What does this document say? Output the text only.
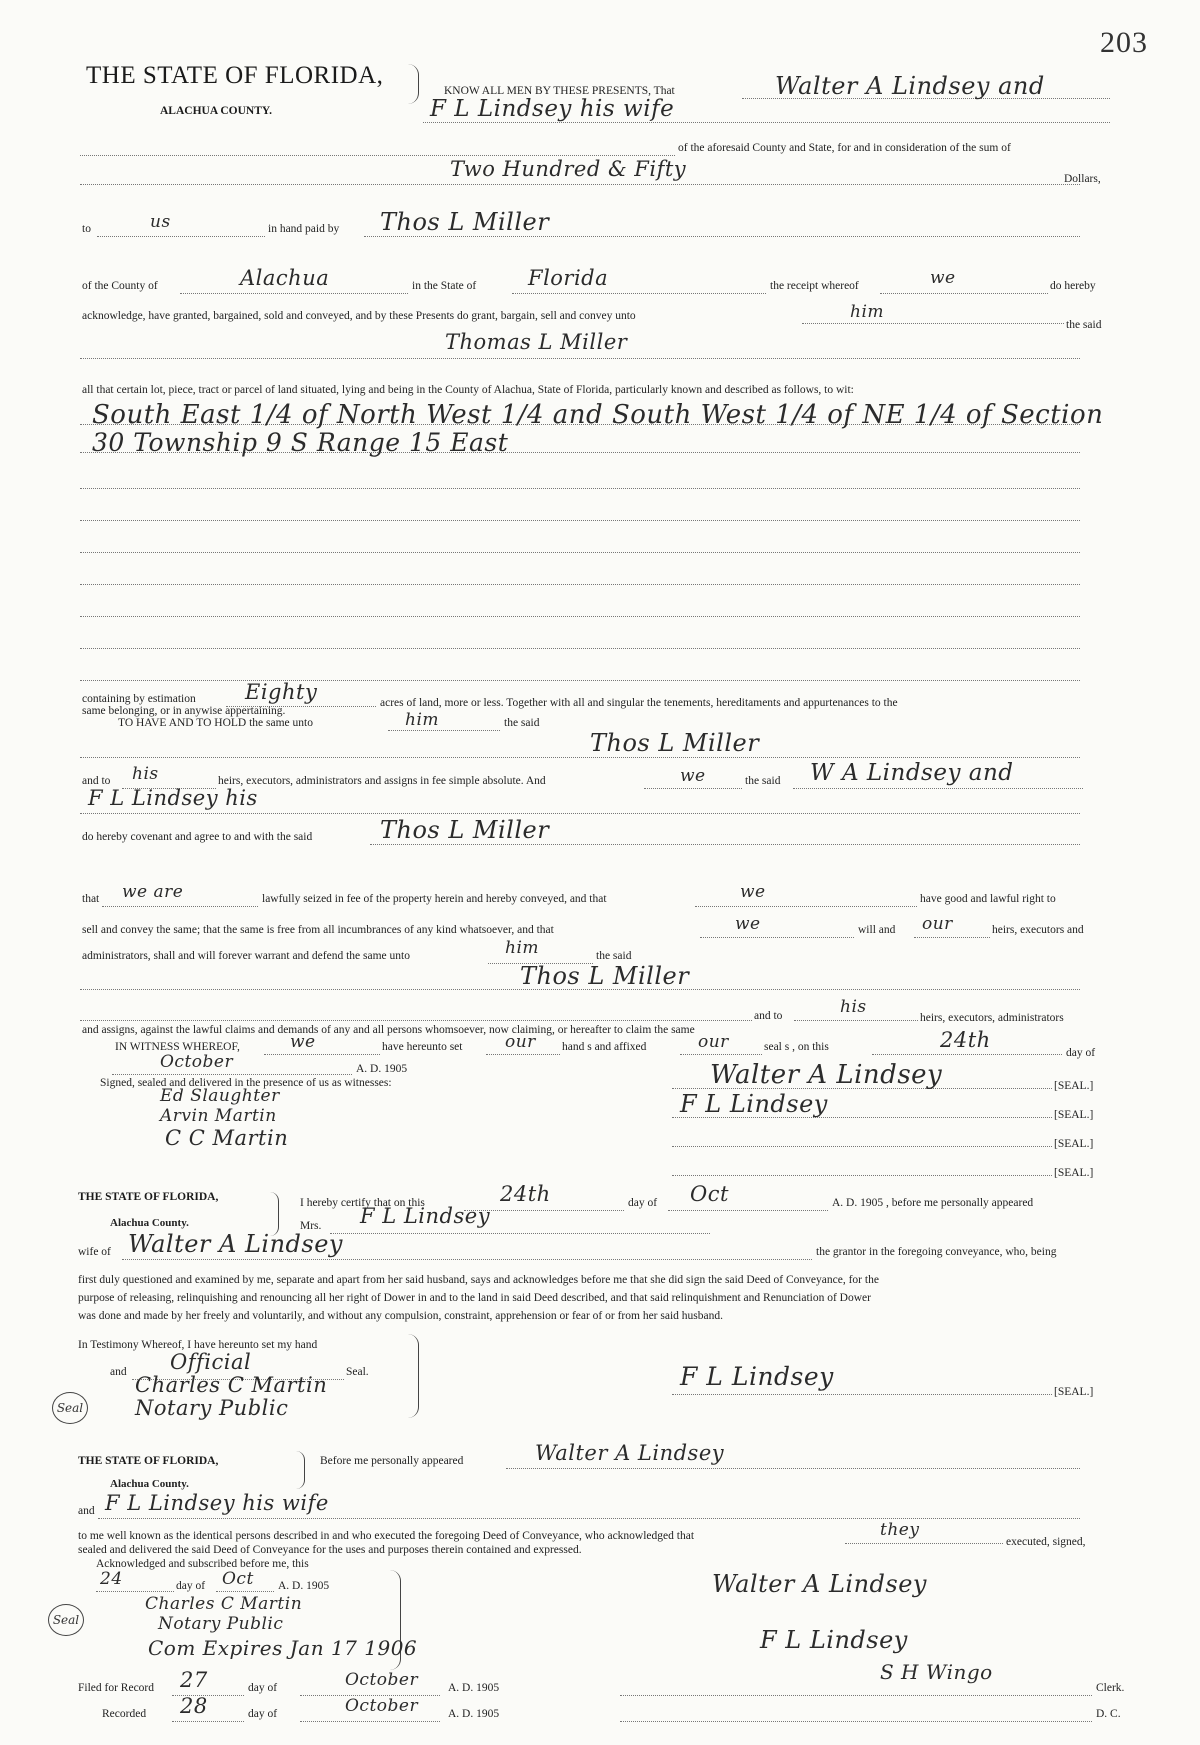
203
THE STATE OF FLORIDA,
ALACHUA COUNTY.
KNOW ALL MEN BY THESE PRESENTS, That	Walter A Lindsey and
F L Lindsey his wife
of the aforesaid County and State, for and in consideration of the sum of
Two Hundred & Fifty	Dollars,
to	us	in hand paid by Thos L Miller
of the County of	Alachua	in the State of Florida	the receipt whereof	we	do hereby
acknowledge, have granted, bargained, sold and conveyed, and by these Presents do grant, bargain, sell and convey unto	him
the said
Thomas L Miller
all that certain lot, piece, tract or parcel of land situated, lying and being in the County of Alachua, State of Florida, particularly known and described as follows, to wit:
South East 1/4 of North West 1/4 and South West 1/4 of NE 1/4 of Section
30 Township 9 S Range 15 East
containing by estimation Eighty	acres of land, more or less. Together with all and singular the tenements, hereditaments and appurtenances to the
same belonging, or in anywise appertaining.
TO HAVE AND TO HOLD the same unto	him	the said
Thos L Miller
and to his	heirs, executors, administrators and assigns in fee simple absolute. And	we	the said W A Lindsey and
F L Lindsey his
do hereby covenant and agree to and with the said	Thos L Miller
that we are	lawfully seized in fee of the property herein and hereby conveyed, and that	we	have good and lawful right to
sell and convey the same; that the same is free from all incumbrances of any kind whatsoever, and that	we	will and our	heirs, executors and
administrators, shall and will forever warrant and defend the same unto	him	the said
Thos L Miller
and to	his
heirs, executors, administrators
and assigns, against the lawful claims and demands of any and all persons whomsoever, now claiming, or hereafter to claim the same
IN WITNESS WHEREOF,	we	have hereunto set	our hand s and affixed	our	seal s , on this	24th
day of
October	A. D. 1905
Signed, sealed and delivered in the presence of us as witnesses:
Ed Slaughter
Arvin Martin
C C Martin
Walter A Lindsey	[SEAL.]
F L Lindsey	[SEAL.]
[SEAL.]
[SEAL.]
THE STATE OF FLORIDA,
Alachua County.
I hereby certify that on this	24th	day of Oct	A. D. 1905 , before me personally appeared
Mrs. F L Lindsey
wife of Walter A Lindsey	the grantor in the foregoing conveyance, who, being
first duly questioned and examined by me, separate and apart from her said husband, says and acknowledges before me that she did sign the said Deed of Conveyance, for the
purpose of releasing, relinquishing and renouncing all her right of Dower in and to the land in said Deed described, and that said relinquishment and Renunciation of Dower
was done and made by her freely and voluntarily, and without any compulsion, constraint, apprehension or fear of or from her said husband.
In Testimony Whereof, I have hereunto set my hand
and Official	Seal.
Charles C Martin
Notary Public
Seal
F L Lindsey
[SEAL.]
THE STATE OF FLORIDA,
Alachua County.
Before me personally appeared	Walter A Lindsey
and F L Lindsey his wife
to me well known as the identical persons described in and who executed the foregoing Deed of Conveyance, who acknowledged that	they
executed, signed,
sealed and delivered the said Deed of Conveyance for the uses and purposes therein contained and expressed.
Acknowledged and subscribed before me, this
24	day of Oct A. D. 1905
Charles C Martin
Notary Public
Com Expires Jan 17 1906
Seal
Walter A Lindsey
F L Lindsey
Filed for Record 27	day of	October	A. D. 1905
S H Wingo
Clerk.
Recorded 28	day of	October	A. D. 1905	D. C.
